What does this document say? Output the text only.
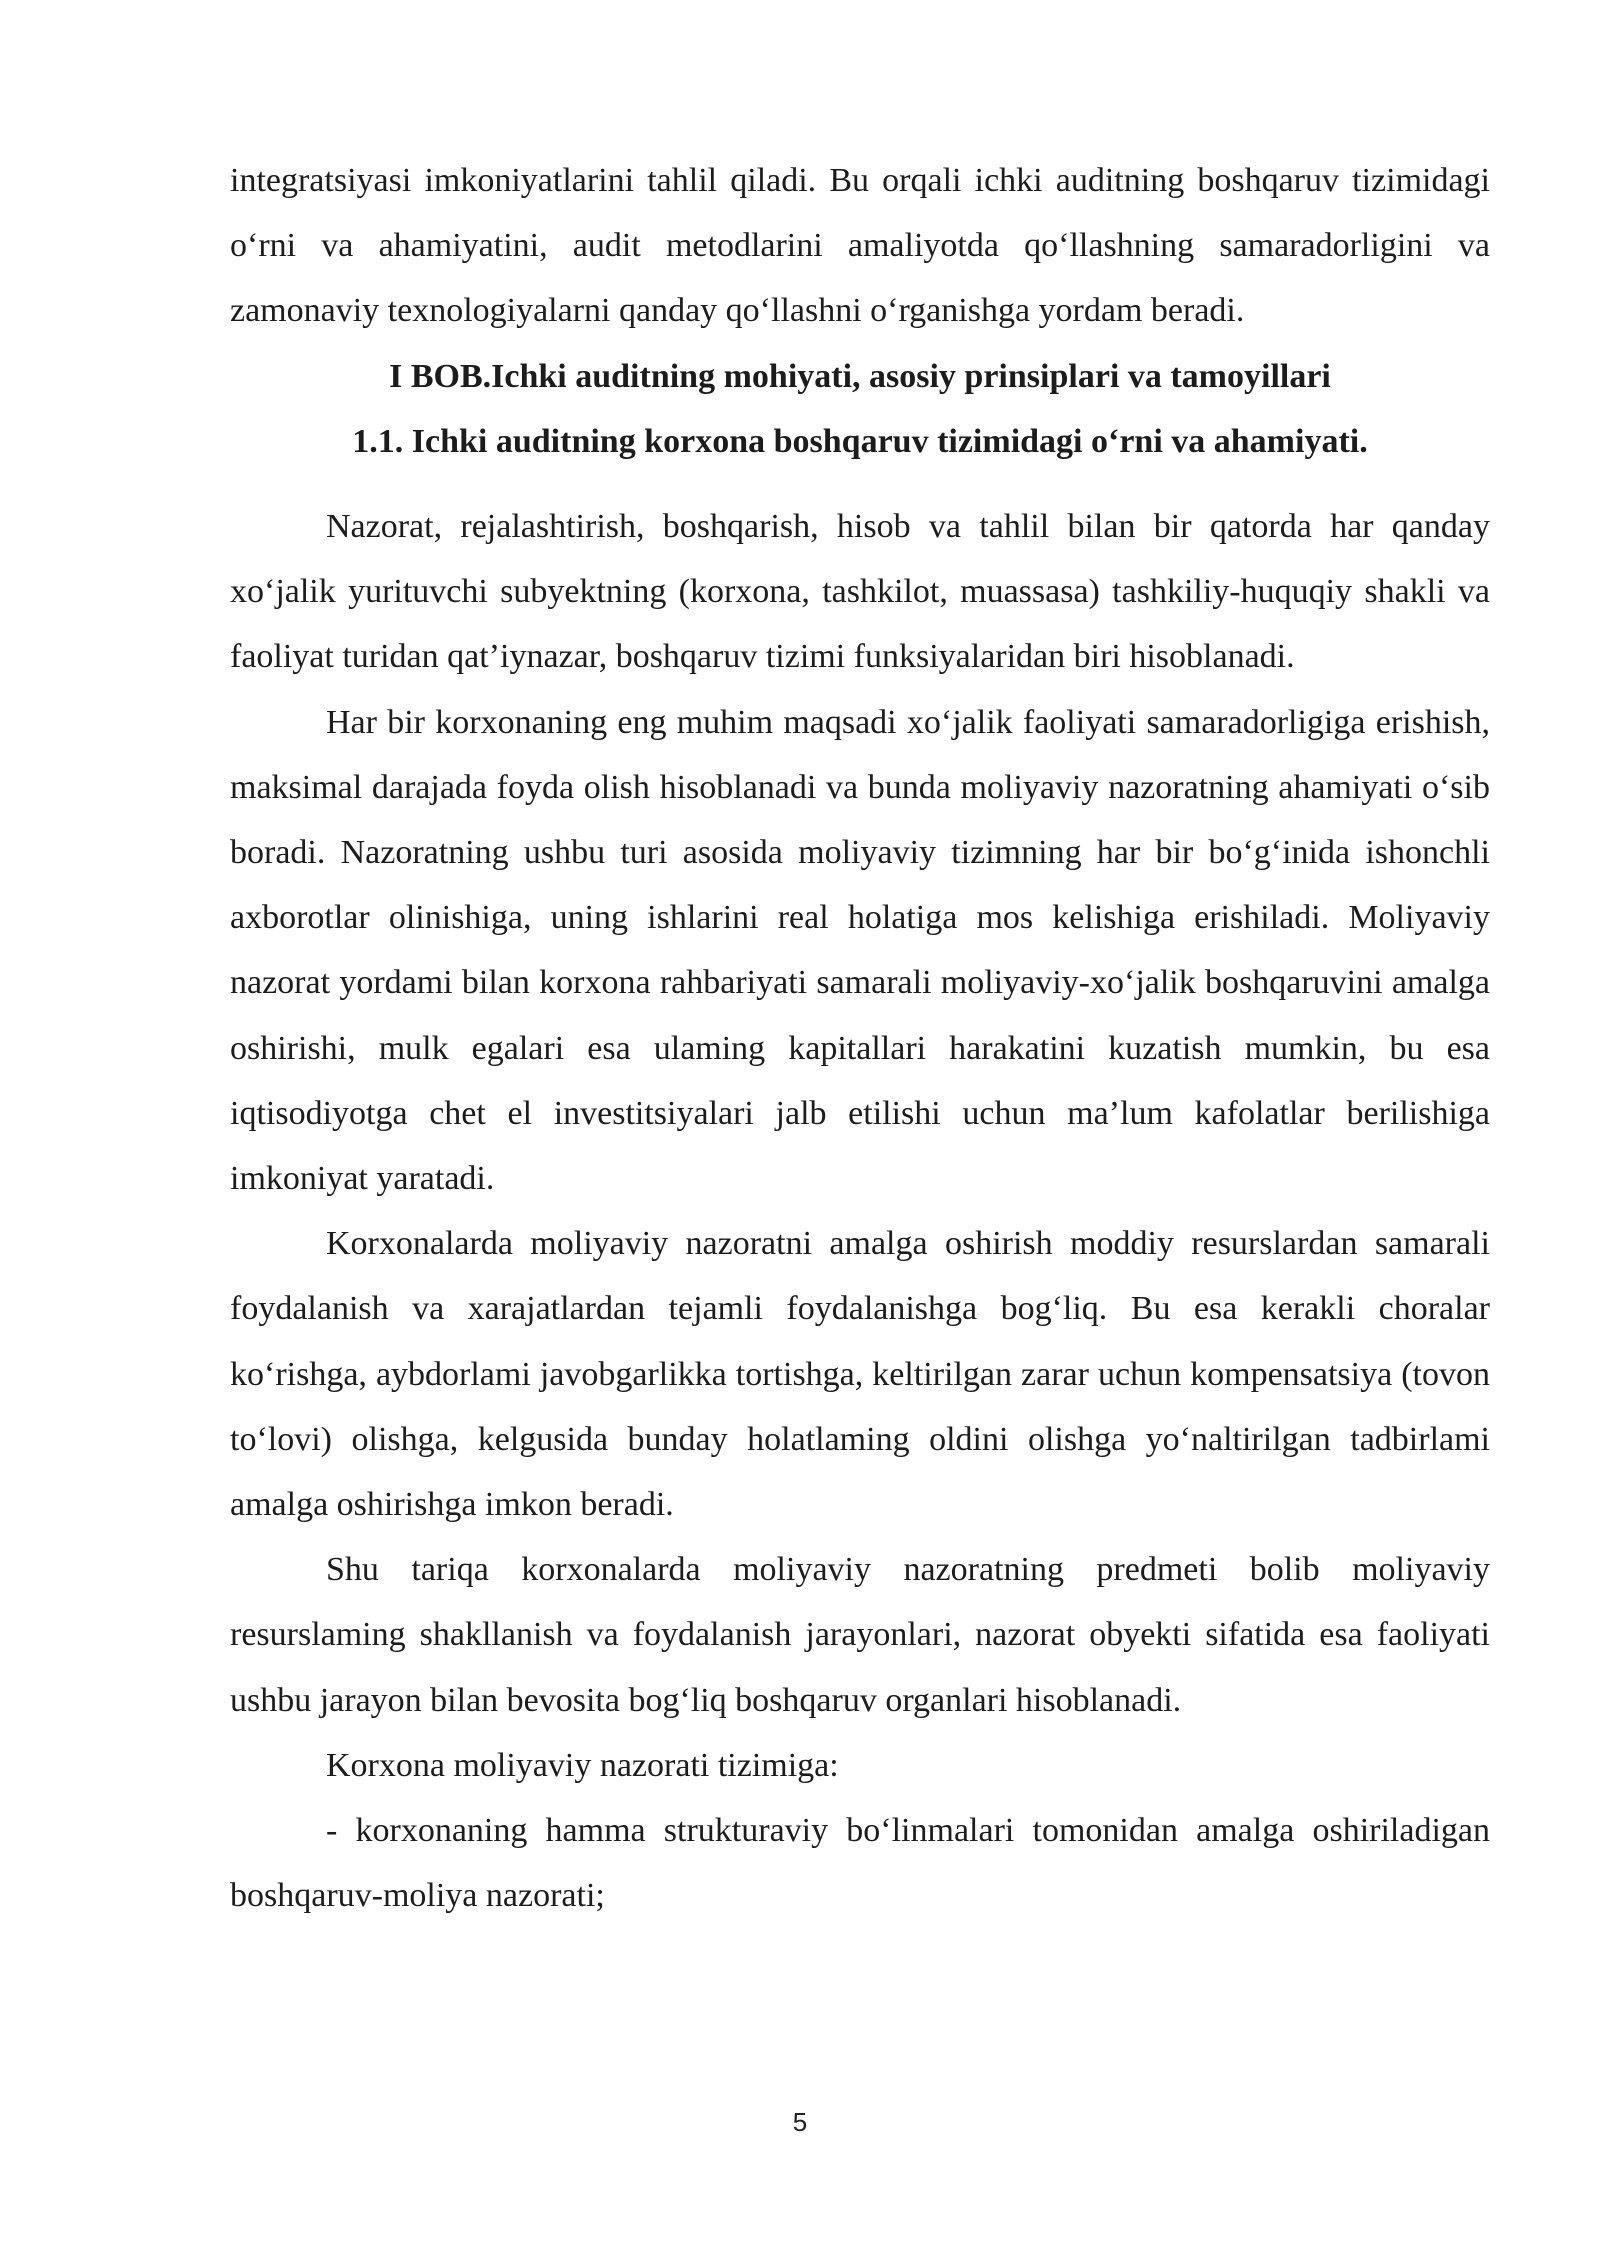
integratsiyasi imkoniyatlarini tahlil qiladi. Bu orqali ichki auditning boshqaruv tizimidagi o‘rni va ahamiyatini, audit metodlarini amaliyotda qo‘llashning samaradorligini va zamonaviy texnologiyalarni qanday qo‘llashni o‘rganishga yordam beradi.

I BOB.Ichki auditning mohiyati, asosiy prinsiplari va tamoyillari

1.1. Ichki auditning korxona boshqaruv tizimidagi o‘rni va ahamiyati.

Nazorat, rejalashtirish, boshqarish, hisob va tahlil bilan bir qatorda har qanday xo‘jalik yurituvchi subyektning (korxona, tashkilot, muassasa) tashkiliy-huquqiy shakli va faoliyat turidan qat’iynazar, boshqaruv tizimi funksiyalaridan biri hisoblanadi.

Har bir korxonaning eng muhim maqsadi xo‘jalik faoliyati samaradorligiga erishish, maksimal darajada foyda olish hisoblanadi va bunda moliyaviy nazoratning ahamiyati o‘sib boradi. Nazoratning ushbu turi asosida moliyaviy tizimning har bir bo‘g‘inida ishonchli axborotlar olinishiga, uning ishlarini real holatiga mos kelishiga erishiladi. Moliyaviy nazorat yordami bilan korxona rahbariyati samarali moliyaviy-xo‘jalik boshqaruvini amalga oshirishi, mulk egalari esa ulaming kapitallari harakatini kuzatish mumkin, bu esa iqtisodiyotga chet el investitsiyalari jalb etilishi uchun ma’lum kafolatlar berilishiga imkoniyat yaratadi.

Korxonalarda moliyaviy nazoratni amalga oshirish moddiy resurslardan samarali foydalanish va xarajatlardan tejamli foydalanishga bog‘liq. Bu esa kerakli choralar ko‘rishga, aybdorlami javobgarlikka tortishga, keltirilgan zarar uchun kompensatsiya (tovon to‘lovi) olishga, kelgusida bunday holatlaming oldini olishga yo‘naltirilgan tadbirlami amalga oshirishga imkon beradi.

Shu tariqa korxonalarda moliyaviy nazoratning predmeti bolib moliyaviy resurslaming shakllanish va foydalanish jarayonlari, nazorat obyekti sifatida esa faoliyati ushbu jarayon bilan bevosita bog‘liq boshqaruv organlari hisoblanadi.

Korxona moliyaviy nazorati tizimiga:

- korxonaning hamma strukturaviy bo‘linmalari tomonidan amalga oshiriladigan boshqaruv-moliya nazorati;

5
